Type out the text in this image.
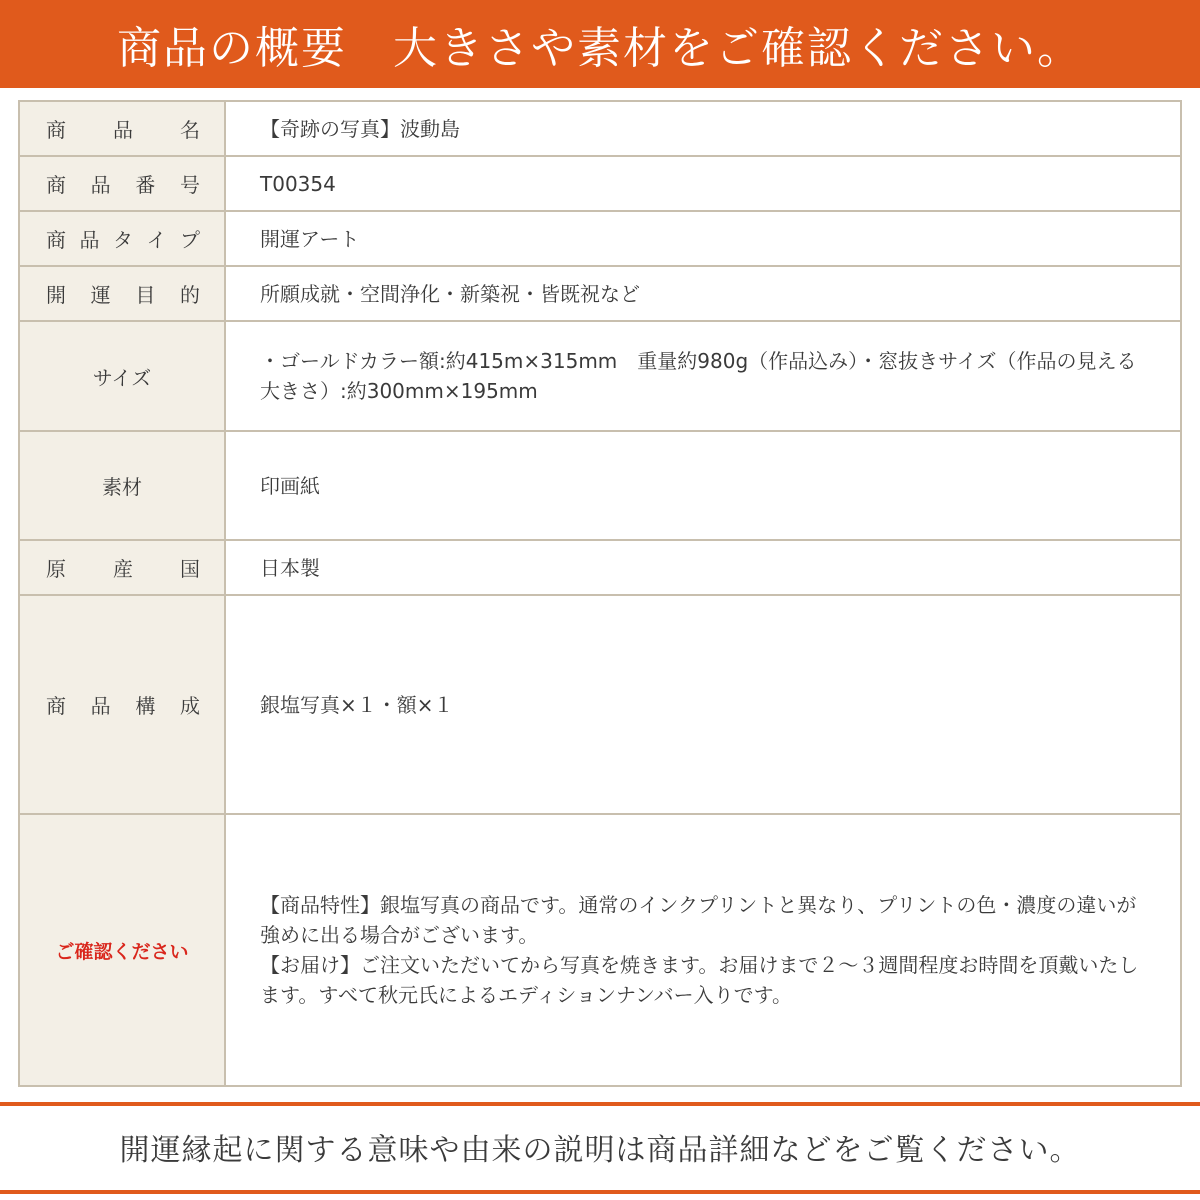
商品の概要　大きさや素材をご確認ください。
商 品 名	【奇跡の写真】波動島

商 品 番 号	T00354

商 品 タ イ プ	開運アート

開 運 目 的	所願成就・空間浄化・新築祝・皆既祝など

サイズ	・ゴールドカラー額:約415m×315mm　重量約980g（作品込み）・窓抜きサイズ（作品の見える大きさ）:約300mm×195mm

素材	印画紙

原 産 国	日本製

商 品 構 成	銀塩写真×１・額×１

ご確認ください	【商品特性】銀塩写真の商品です。通常のインクプリントと異なり、プリントの色・濃度の違いが強めに出る場合がございます。
【お届け】ご注文いただいてから写真を焼きます。お届けまで２〜３週間程度お時間を頂戴いたします。すべて秋元氏によるエディションナンバー入りです。
開運縁起に関する意味や由来の説明は商品詳細などをご覧ください。
